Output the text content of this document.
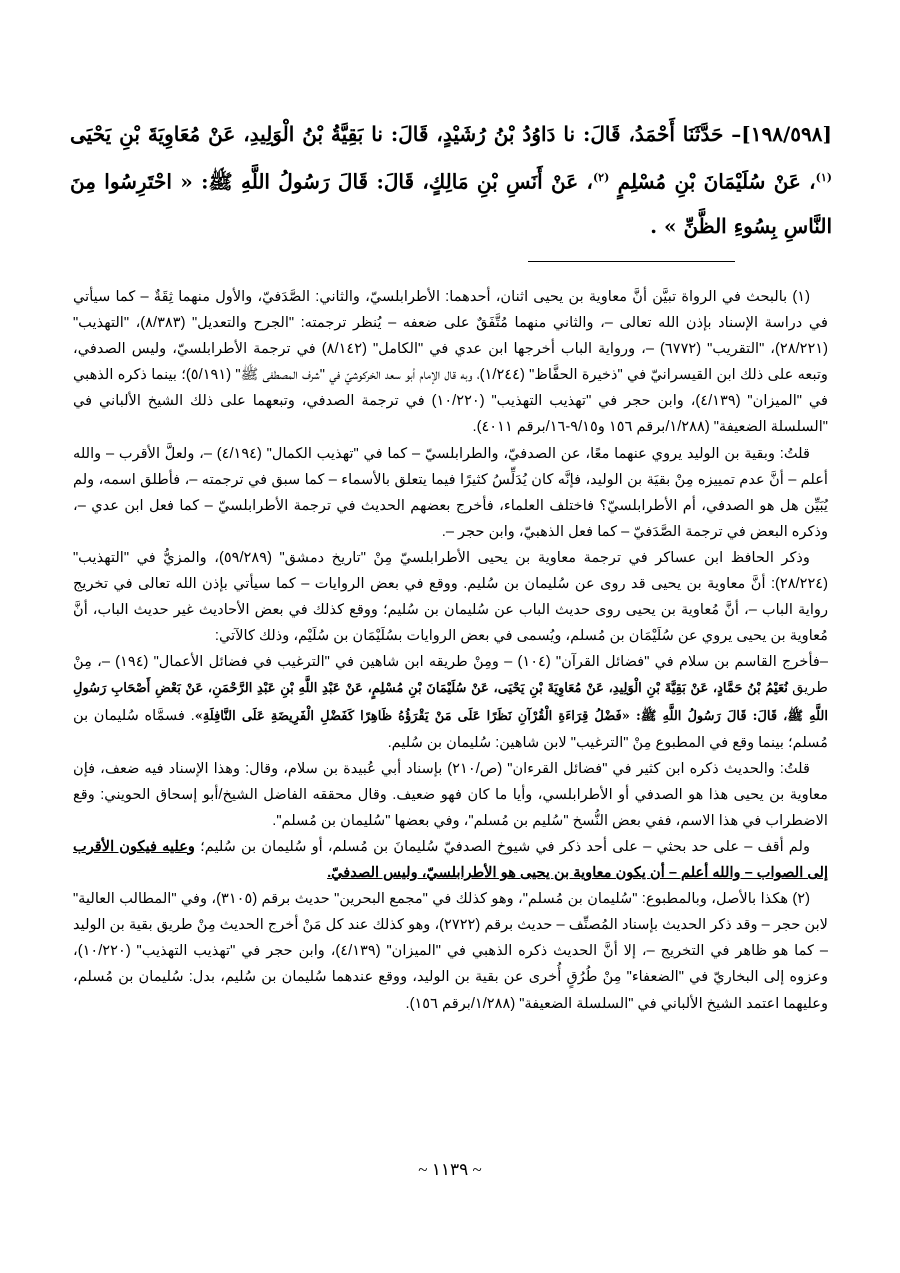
[١٩٨/٥٩٨]– حَدَّثَنَا أَحْمَدُ، قَالَ: نا دَاوُدُ بْنُ رُشَيْدٍ، قَالَ: نا بَقِيَّةُ بْنُ الْوَلِيدِ، عَنْ مُعَاوِيَةَ بْنِ يَحْيَى $^{(١)}$، عَنْ سُلَيْمَانَ بْنِ مُسْلِمٍ $^{(٢)}$، عَنْ أَنَسِ بْنِ مَالِكٍ، قَالَ: قَالَ رَسُولُ اللَّهِ ﷺ: « احْتَرِسُوا مِنَ النَّاسِ بِسُوءِ الظَّنِّ » .

(١) بالبحث في الرواة تبيَّن أنَّ معاوية بن يحيى اثنان، أحدهما: الأطرابلسيّ، والثاني: الصَّدَفيّ، والأول منهما ثِقَةٌ – كما سيأتي في دراسة الإسناد بإذن الله تعالى –، والثاني منهما مُتَّفَقٌ على ضعفه – يُنظر ترجمته: "الجرح والتعديل" (٨/٣٨٣)، "التهذيب" (٢٨/٢٢١)، "التقريب" (٦٧٧٢) –، ورواية الباب أخرجها ابن عدي في "الكامل" (٨/١٤٢) في ترجمة الأطرابلسيّ، وليس الصدفي، وتبعه على ذلك ابن القيسرانيّ في "ذخيرة الحفَّاظ" (١/٢٤٤)، وبه قال الإمام أبو سعد الخركوشيّ في "شرف المصطفى ﷺ" (٥/١٩١)؛ بينما ذكره الذهبي في "الميزان" (٤/١٣٩)، وابن حجر في "تهذيب التهذيب" (١٠/٢٢٠) في ترجمة الصدفي، وتبعهما على ذلك الشيخ الألباني في "السلسلة الضعيفة" (١/٢٨٨/برقم ١٥٦ و٩/١٥-١٦/برقم ٤٠١١).

قلتُ: وبقية بن الوليد يروي عنهما معًا، عن الصدفيّ، والطرابلسيّ – كما في "تهذيب الكمال" (٤/١٩٤) –، ولعلَّ الأقرب – والله أعلم – أنَّ عدم تمييزه مِنْ بقيَة بن الوليد، فإنَّه كان يُدَلِّسُ كثيرًا فيما يتعلق بالأسماء – كما سبق في ترجمته –، فأطلق اسمه، ولم يُبَيِّن هل هو الصدفي، أم الأطرابلسيّ؟ فاختلف العلماء، فأخرج بعضهم الحديث في ترجمة الأطرابلسيّ – كما فعل ابن عدي –، وذكره البعض في ترجمة الصَّدَفيّ – كما فعل الذهبيّ، وابن حجر –.

وذكر الحافظ ابن عساكر في ترجمة معاوية بن يحيى الأطرابلسيّ مِنْ "تاريخ دمشق" (٥٩/٢٨٩)، والمزيُّ في "التهذيب" (٢٨/٢٢٤): أنَّ معاوية بن يحيى قد روى عن سُليمان بن سُليم. ووقع في بعض الروايات – كما سيأتي بإذن الله تعالى في تخريج رواية الباب –، أنَّ مُعاوية بن يحيى روى حديث الباب عن سُليمان بن سُليم؛ ووقع كذلك في بعض الأحاديث غير حديث الباب، أنَّ مُعاوية بن يحيى يروي عن سُلَيْمَان بن مُسلم، ويُسمى في بعض الروايات بسُلَيْمَان بن سُلَيْم، وذلك كالآتي:

–فأخرج القاسم بن سلام في "فضائل القرآن" (١٠٤) – ومِنْ طريقه ابن شاهين في "الترغيب في فضائل الأعمال" (١٩٤) –، مِنْ طريق نُعَيْمُ بْنُ حَمَّادٍ، عَنْ بَقِيَّةَ بْنِ الْوَلِيدِ، عَنْ مُعَاوِيَةَ بْنِ يَحْيَى، عَنْ سُلَيْمَانَ بْنِ مُسْلِمٍ، عَنْ عَبْدِ اللَّهِ بْنِ عَبْدِ الرَّحْمَنِ، عَنْ بَعْضِ أَصْحَابِ رَسُولِ اللَّهِ ﷺ، قَالَ: قَالَ رَسُولُ اللَّهِ ﷺ: «فَضْلُ قِرَاءَةِ الْقُرْآنِ نَظَرًا عَلَى مَنْ يَقْرَؤُهُ ظَاهِرًا كَفَضْلِ الْفَرِيضَةِ عَلَى النَّافِلَةِ». فسمَّاه سُليمان بن مُسلم؛ بينما وقع في المطبوع مِنْ "الترغيب" لابن شاهين: سُليمان بن سُليم.

قلتُ: والحديث ذكره ابن كثير في "فضائل القرءان" (ص/٢١٠) بإسناد أبي عُبيدة بن سلام، وقال: وهذا الإسناد فيه ضعف، فإن معاوية بن يحيى هذا هو الصدفي أو الأطرابلسي، وأيا ما كان فهو ضعيف. وقال محققه الفاضل الشيخ/أبو إسحاق الحويني: وقع الاضطراب في هذا الاسم، ففي بعض النُّسخ "سُليم بن مُسلم"، وفي بعضها "سُليمان بن مُسلم".

ولم أقف – على حد بحثي – على أحد ذكر في شيوخ الصدفيّ سُليمانَ بن مُسلم، أو سُليمان بن سُليم؛ وعليه فيكون الأقرب إلى الصواب – والله أعلم – أن يكون معاوية بن يحيى هو الأطرابلسيّ، وليس الصدفيّ.

(٢) هكذا بالأصل، وبالمطبوع: "سُليمان بن مُسلم"، وهو كذلك في "مجمع البحرين" حديث برقم (٣١٠٥)، وفي "المطالب العالية" لابن حجر – وقد ذكر الحديث بإسناد المُصنِّف – حديث برقم (٢٧٢٢)، وهو كذلك عند كل مَنْ أخرج الحديث مِنْ طريق بقية بن الوليد – كما هو ظاهر في التخريج –، إلا أنَّ الحديث ذكره الذهبي في "الميزان" (٤/١٣٩)، وابن حجر في "تهذيب التهذيب" (١٠/٢٢٠)، وعزوه إلى البخاريّ في "الضعفاء" مِنْ طُرُقٍ أُخرى عن بقية بن الوليد، ووقع عندهما سُليمان بن سُليم، بدل: سُليمان بن مُسلم، وعليهما اعتمد الشيخ الألباني في "السلسلة الضعيفة" (١/٢٨٨/برقم ١٥٦).

~ ١١٣٩ ~
